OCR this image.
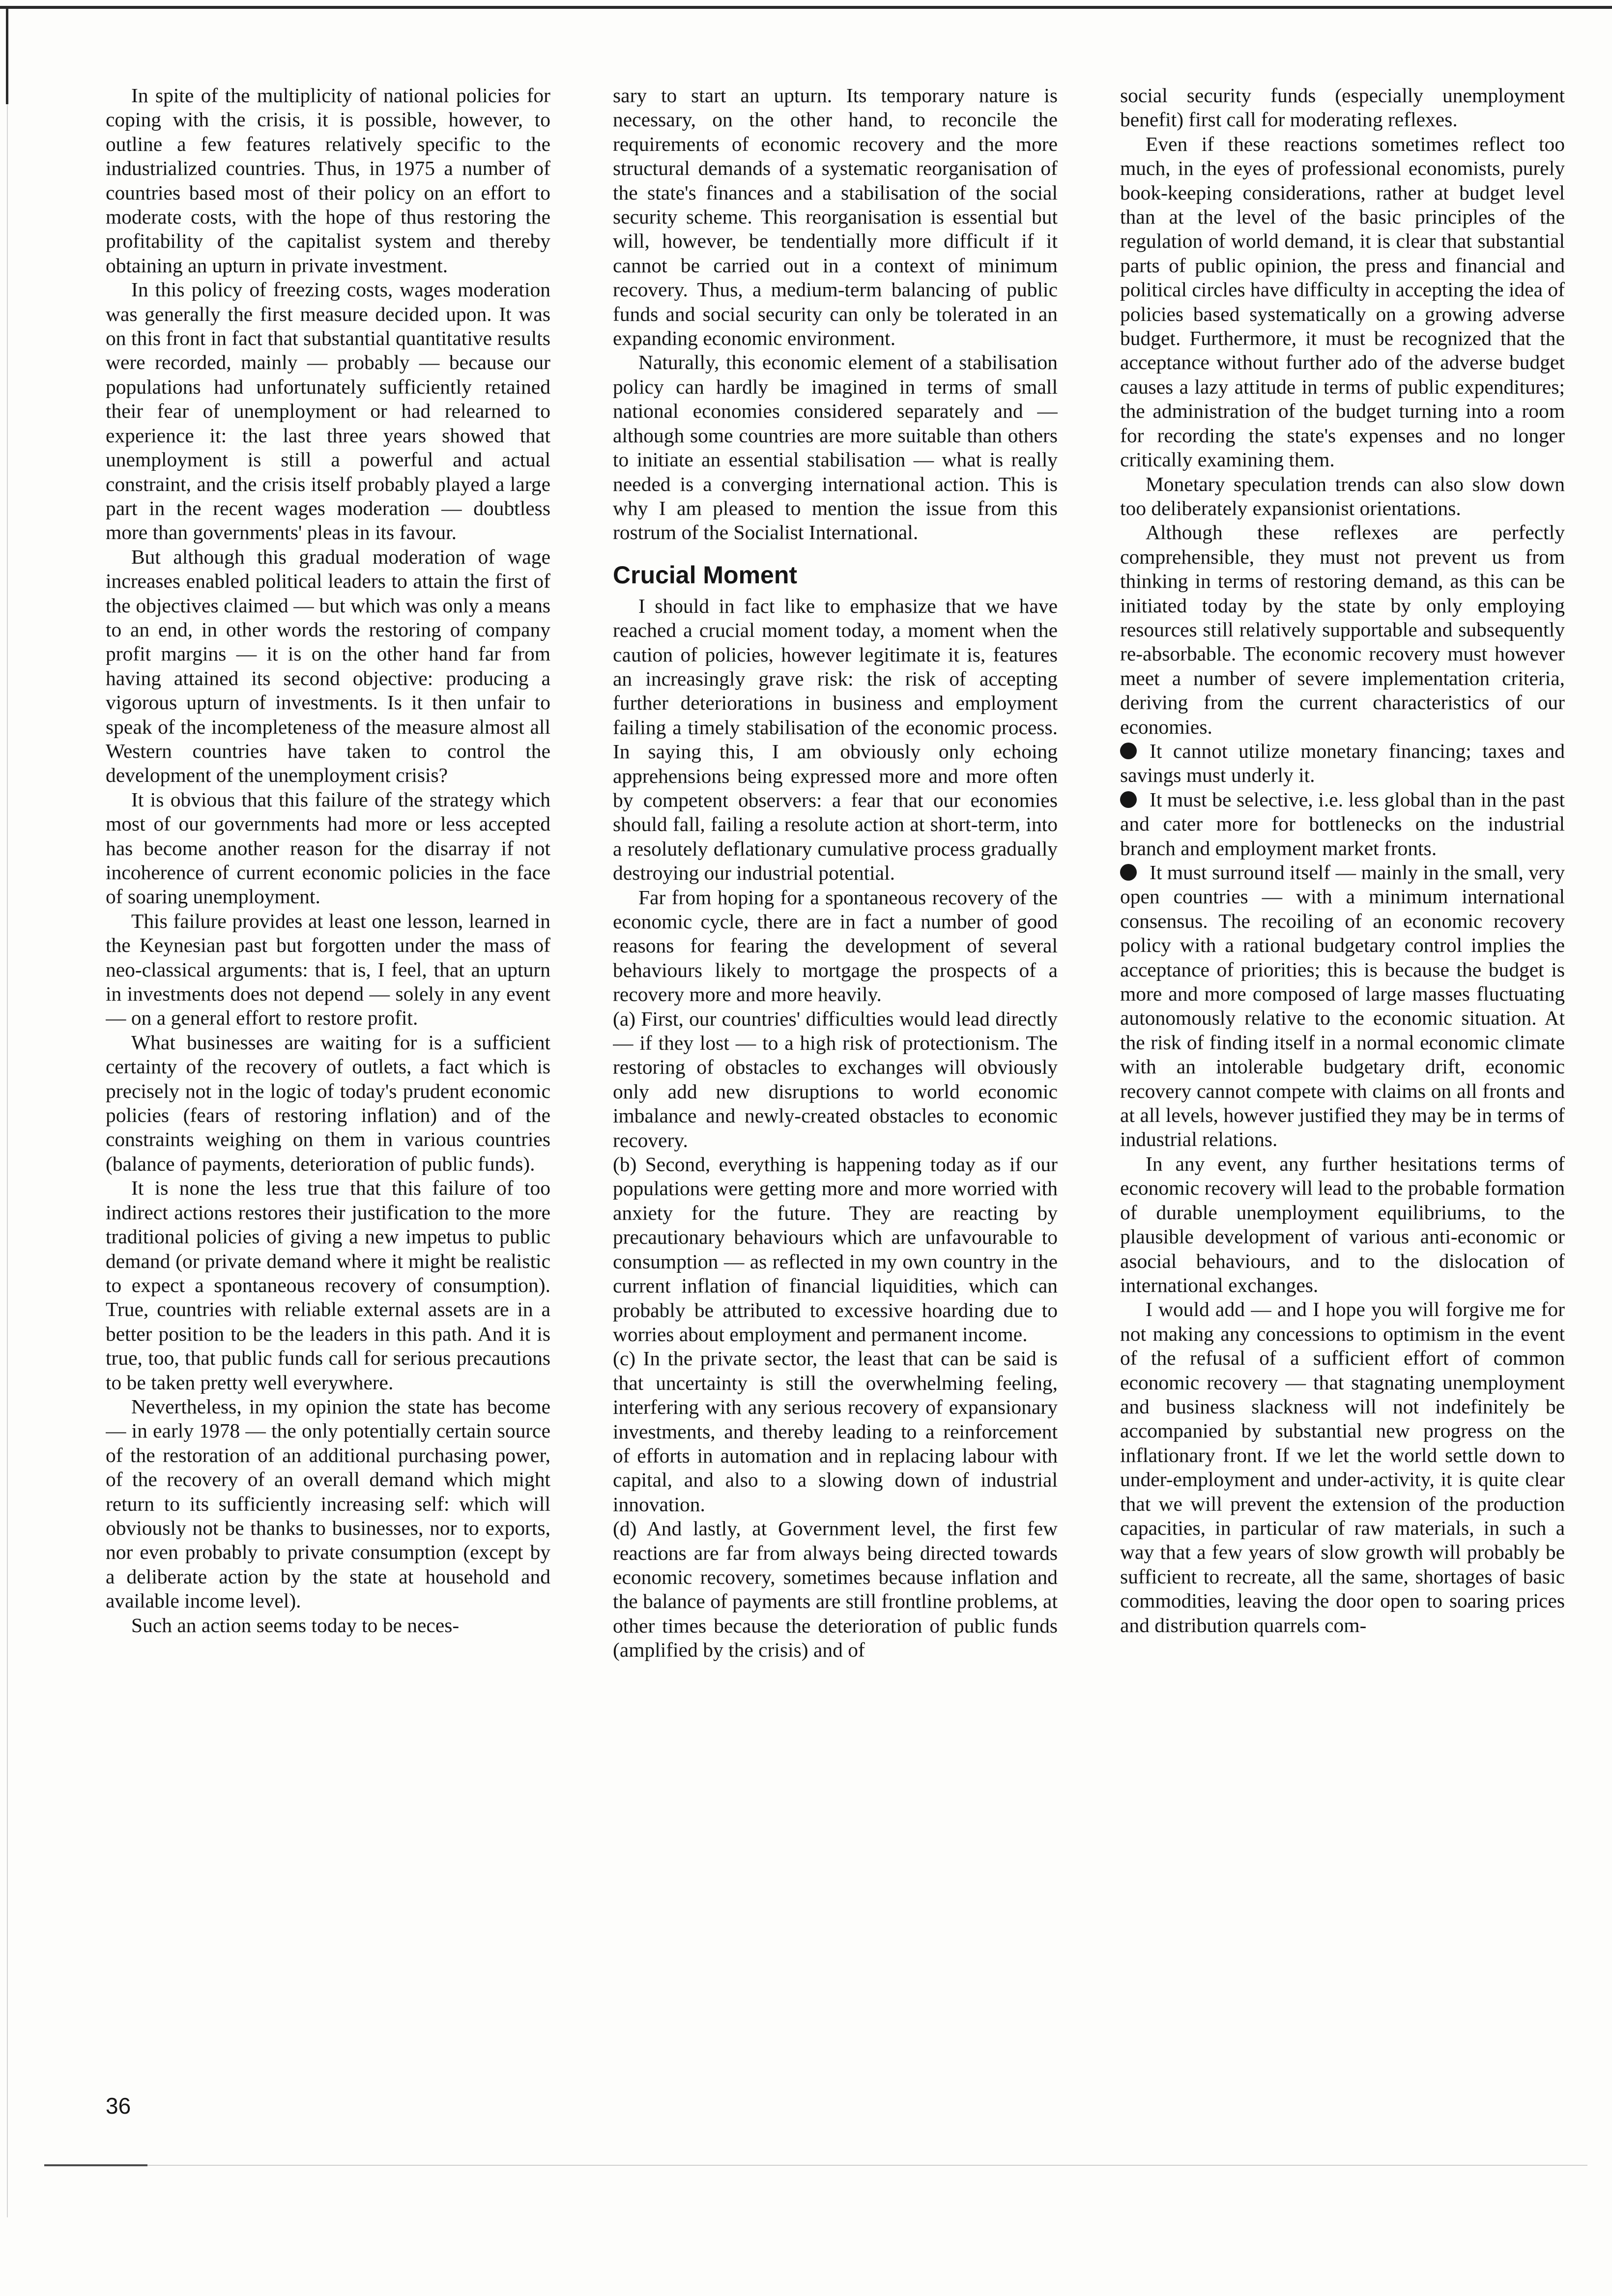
In spite of the multiplicity of national policies for coping with the crisis, it is possible, however, to outline a few features relatively specific to the industrialized countries. Thus, in 1975 a number of countries based most of their policy on an effort to moderate costs, with the hope of thus restoring the profitability of the capitalist system and thereby obtaining an upturn in private investment.

In this policy of freezing costs, wages moderation was generally the first measure decided upon. It was on this front in fact that substantial quantitative results were recorded, mainly — probably — because our populations had unfortunately sufficiently retained their fear of unemployment or had relearned to experience it: the last three years showed that unemployment is still a powerful and actual constraint, and the crisis itself probably played a large part in the recent wages moderation — doubtless more than governments' pleas in its favour.

But although this gradual moderation of wage increases enabled political leaders to attain the first of the objectives claimed — but which was only a means to an end, in other words the restoring of company profit margins — it is on the other hand far from having attained its second objective: producing a vigorous upturn of investments. Is it then unfair to speak of the incompleteness of the measure almost all Western countries have taken to control the development of the unemployment crisis?

It is obvious that this failure of the strategy which most of our governments had more or less accepted has become another reason for the disarray if not incoherence of current economic policies in the face of soaring unemployment.

This failure provides at least one lesson, learned in the Keynesian past but forgotten under the mass of neo-classical arguments: that is, I feel, that an upturn in investments does not depend — solely in any event — on a general effort to restore profit.

What businesses are waiting for is a sufficient certainty of the recovery of outlets, a fact which is precisely not in the logic of today's prudent economic policies (fears of restoring inflation) and of the constraints weighing on them in various countries (balance of payments, deterioration of public funds).

It is none the less true that this failure of too indirect actions restores their justification to the more traditional policies of giving a new impetus to public demand (or private demand where it might be realistic to expect a spontaneous recovery of consumption). True, countries with reliable external assets are in a better position to be the leaders in this path. And it is true, too, that public funds call for serious precautions to be taken pretty well everywhere.

Nevertheless, in my opinion the state has become — in early 1978 — the only potentially certain source of the restoration of an additional purchasing power, of the recovery of an overall demand which might return to its sufficiently increasing self: which will obviously not be thanks to businesses, nor to exports, nor even probably to private consumption (except by a deliberate action by the state at household and available income level).

Such an action seems today to be neces-

sary to start an upturn. Its temporary nature is necessary, on the other hand, to reconcile the requirements of economic recovery and the more structural demands of a systematic reorganisation of the state's finances and a stabilisation of the social security scheme. This reorganisation is essential but will, however, be tendentially more difficult if it cannot be carried out in a context of minimum recovery. Thus, a medium-term balancing of public funds and social security can only be tolerated in an expanding economic environment.

Naturally, this economic element of a stabilisation policy can hardly be imagined in terms of small national economies considered separately and — although some countries are more suitable than others to initiate an essential stabilisation — what is really needed is a converging international action. This is why I am pleased to mention the issue from this rostrum of the Socialist International.

Crucial Moment

I should in fact like to emphasize that we have reached a crucial moment today, a moment when the caution of policies, however legitimate it is, features an increasingly grave risk: the risk of accepting further deteriorations in business and employment failing a timely stabilisation of the economic process. In saying this, I am obviously only echoing apprehensions being expressed more and more often by competent observers: a fear that our economies should fall, failing a resolute action at short-term, into a resolutely deflationary cumulative process gradually destroying our industrial potential.

Far from hoping for a spontaneous recovery of the economic cycle, there are in fact a number of good reasons for fearing the development of several behaviours likely to mortgage the prospects of a recovery more and more heavily.

(a) First, our countries' difficulties would lead directly — if they lost — to a high risk of protectionism. The restoring of obstacles to exchanges will obviously only add new disruptions to world economic imbalance and newly-created obstacles to economic recovery.

(b) Second, everything is happening today as if our populations were getting more and more worried with anxiety for the future. They are reacting by precautionary behaviours which are unfavourable to consumption — as reflected in my own country in the current inflation of financial liquidities, which can probably be attributed to excessive hoarding due to worries about employment and permanent income.

(c) In the private sector, the least that can be said is that uncertainty is still the overwhelming feeling, interfering with any serious recovery of expansionary investments, and thereby leading to a reinforcement of efforts in automation and in replacing labour with capital, and also to a slowing down of industrial innovation.

(d) And lastly, at Government level, the first few reactions are far from always being directed towards economic recovery, sometimes because inflation and the balance of payments are still frontline problems, at other times because the deterioration of public funds (amplified by the crisis) and of

social security funds (especially unemployment benefit) first call for moderating reflexes.

Even if these reactions sometimes reflect too much, in the eyes of professional economists, purely book-keeping considerations, rather at budget level than at the level of the basic principles of the regulation of world demand, it is clear that substantial parts of public opinion, the press and financial and political circles have difficulty in accepting the idea of policies based systematically on a growing adverse budget. Furthermore, it must be recognized that the acceptance without further ado of the adverse budget causes a lazy attitude in terms of public expenditures; the administration of the budget turning into a room for recording the state's expenses and no longer critically examining them.

Monetary speculation trends can also slow down too deliberately expansionist orientations.

Although these reflexes are perfectly comprehensible, they must not prevent us from thinking in terms of restoring demand, as this can be initiated today by the state by only employing resources still relatively supportable and subsequently re-absorbable. The economic recovery must however meet a number of severe implementation criteria, deriving from the current characteristics of our economies.

It cannot utilize monetary financing; taxes and savings must underly it.

It must be selective, i.e. less global than in the past and cater more for bottlenecks on the industrial branch and employment market fronts.

It must surround itself — mainly in the small, very open countries — with a minimum international consensus. The recoiling of an economic recovery policy with a rational budgetary control implies the acceptance of priorities; this is because the budget is more and more composed of large masses fluctuating autonomously relative to the economic situation. At the risk of finding itself in a normal economic climate with an intolerable budgetary drift, economic recovery cannot compete with claims on all fronts and at all levels, however justified they may be in terms of industrial relations.

In any event, any further hesitations terms of economic recovery will lead to the probable formation of durable unemployment equilibriums, to the plausible development of various anti-economic or asocial behaviours, and to the dislocation of international exchanges.

I would add — and I hope you will forgive me for not making any concessions to optimism in the event of the refusal of a sufficient effort of common economic recovery — that stagnating unemployment and business slackness will not indefinitely be accompanied by substantial new progress on the inflationary front. If we let the world settle down to under-employment and under-activity, it is quite clear that we will prevent the extension of the production capacities, in particular of raw materials, in such a way that a few years of slow growth will probably be sufficient to recreate, all the same, shortages of basic commodities, leaving the door open to soaring prices and distribution quarrels com-

36
